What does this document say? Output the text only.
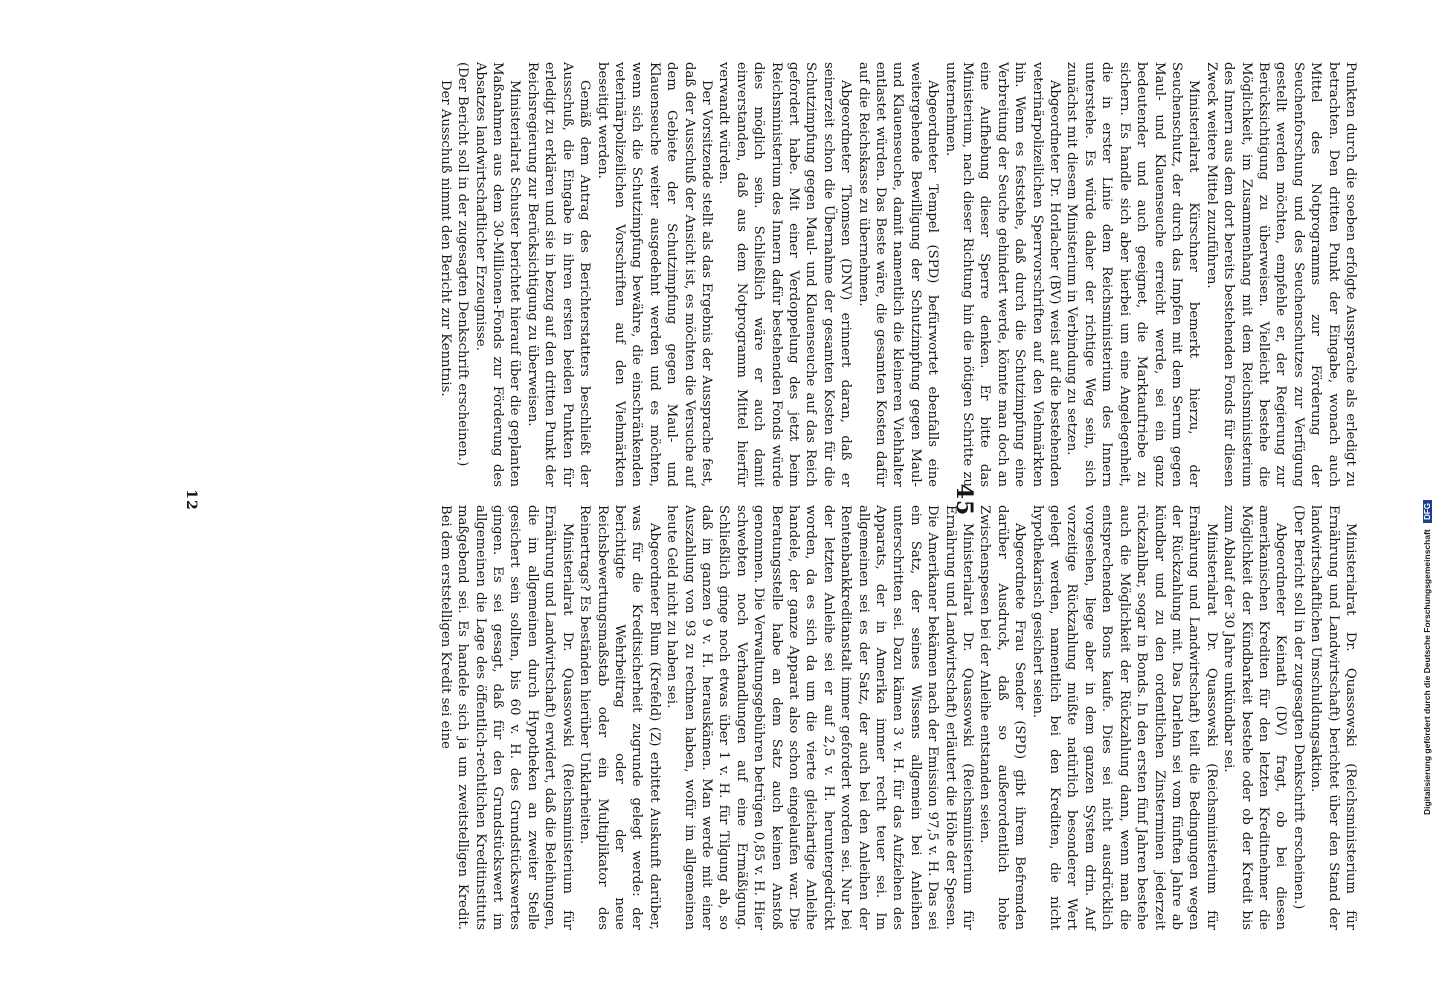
45

Punkten durch die soeben erfolgte Aussprache als erledigt zu betrachten. Den dritten Punkt der Eingabe, wonach auch Mittel des Notprogramms zur Förderung der Seuchenforschung und des Seuchenschutzes zur Verfügung gestellt werden möchten, empfehle er, der Regierung zur Berücksichtigung zu überweisen. Vielleicht bestehe die Möglichkeit, im Zusammenhang mit dem Reichsministerium des Innern aus dem dort bereits bestehenden Fonds für diesen Zweck weitere Mittel zuzuführen.

Ministerialrat Kürschner bemerkt hierzu, der Seuchenschutz, der durch das Impfen mit dem Serum gegen Maul- und Klauenseuche erreicht werde, sei ein ganz bedeutender und auch geeignet, die Marktauftriebe zu sichern. Es handle sich aber hierbei um eine Angelegenheit, die in erster Linie dem Reichsministerium des Innern unterstehe. Es würde daher der richtige Weg sein, sich zunächst mit diesem Ministerium in Verbindung zu setzen.

Abgeordneter Dr. Horlacher (BV) weist auf die bestehenden veterinärpolizeilichen Sperrvorschriften auf den Viehmärkten hin. Wenn es feststehe, daß durch die Schutzimpfung eine Verbreitung der Seuche gehindert werde, könnte man doch an eine Aufhebung dieser Sperre denken. Er bitte das Ministerium, nach dieser Richtung hin die nötigen Schritte zu unternehmen.

Abgeordneter Tempel (SPD) befürwortet ebenfalls eine weitergehende Bewilligung der Schutzimpfung gegen Maul- und Klauenseuche, damit namentlich die kleineren Viehhalter entlastet würden. Das Beste wäre, die gesamten Kosten dafür auf die Reichskasse zu übernehmen.

Abgeordneter Thomsen (DNV) erinnert daran, daß er seinerzeit schon die Übernahme der gesamten Kosten für die Schutzimpfung gegen Maul- und Klauenseuche auf das Reich gefordert habe. Mit einer Verdoppelung des jetzt beim Reichsministerium des Innern dafür bestehenden Fonds würde dies möglich sein. Schließlich wäre er auch damit einverstanden, daß aus dem Notprogramm Mittel hierfür verwandt würden.

Der Vorsitzende stellt als das Ergebnis der Aussprache fest, daß der Ausschuß der Ansicht ist, es möchten die Versuche auf dem Gebiete der Schutzimpfung gegen Maul- und Klauenseuche weiter ausgedehnt werden und es möchten, wenn sich die Schutzimpfung bewähre, die einschränkenden veterinärpolizeilichen Vorschriften auf den Viehmärkten beseitigt werden.

Gemäß dem Antrag des Berichterstatters beschließt der Ausschuß, die Eingabe in ihren ersten beiden Punkten für erledigt zu erklären und sie in bezug auf den dritten Punkt der Reichsregierung zur Berücksichtigung zu überweisen.

Ministerialrat Schuster berichtet hierauf über die geplanten Maßnahmen aus dem 30-Millionen-Fonds zur Förderung des Absatzes landwirtschaftlicher Erzeugnisse.

(Der Bericht soll in der zugesagten Denkschrift erscheinen.)

Der Ausschuß nimmt den Bericht zur Kenntnis.

Ministerialrat Dr. Quassowski (Reichsministerium für Ernährung und Landwirtschaft) berichtet über den Stand der landwirtschaftlichen Umschuldungsaktion.

(Der Bericht soll in der zugesagten Denkschrift erscheinen.)

Abgeordneter Keinath (DV) fragt, ob bei diesen amerikanischen Krediten für den letzten Kreditnehmer die Möglichkeit der Kündbarkeit bestehe oder ob der Kredit bis zum Ablauf der 30 Jahre unkündbar sei.

Ministerialrat Dr. Quassowski (Reichsministerium für Ernährung und Landwirtschaft) teilt die Bedingungen wegen der Rückzahlung mit. Das Darlehn sei vom fünften Jahre ab kündbar und zu den ordentlichen Zinsterminen jederzeit rückzahlbar, sogar in Bonds. In den ersten fünf Jahren bestehe auch die Möglichkeit der Rückzahlung dann, wenn man die entsprechenden Bons kaufe. Dies sei nicht ausdrücklich vorgesehen, liege aber in dem ganzen System drin. Auf vorzeitige Rückzahlung müßte natürlich besonderer Wert gelegt werden, namentlich bei den Krediten, die nicht hypothekarisch gesichert seien.

Abgeordnete Frau Sender (SPD) gibt ihrem Befremden darüber Ausdruck, daß so außerordentlich hohe Zwischenspesen bei der Anleihe entstanden seien.

Ministerialrat Dr. Quassowski (Reichsministerium für Ernährung und Landwirtschaft) erläutert die Höhe der Spesen. Die Amerikaner bekämen nach der Emission 97,5 v. H. Das sei ein Satz, der seines Wissens allgemein bei Anleihen unterschritten sei. Dazu kämen 3 v. H. für das Aufziehen des Apparats, der in Amerika immer recht teuer sei. Im allgemeinen sei es der Satz, der auch bei den Anleihen der Rentenbankkreditanstalt immer gefordert worden sei. Nur bei der letzten Anleihe sei er auf 2,5 v. H. heruntergedrückt worden, da es sich da um die vierte gleichartige Anleihe handele, der ganze Apparat also schon eingelaufen war. Die Beratungsstelle habe an dem Satz auch keinen Anstoß genommen. Die Verwaltungsgebühren betrügen 0,85 v. H. Hier schwebten noch Verhandlungen auf eine Ermäßigung. Schließlich ginge noch etwas über 1 v. H. für Tilgung ab, so daß im ganzen 9 v. H. herauskämen. Man werde mit einer Auszahlung von 93 zu rechnen haben, wofür im allgemeinen heute Geld nicht zu haben sei.

Abgeordneter Blum (Krefeld) (Z) erbittet Auskunft darüber, was für die Kreditsicherheit zugrunde gelegt werde: der berichtigte Wehrbeitrag oder der neue Reichsbewertungsmaßstab oder ein Multiplikator des Reinertrags? Es beständen hierüber Unklarheiten.

Ministerialrat Dr. Quassowski (Reichsministerium für Ernährung und Landwirtschaft) erwidert, daß die Beleihungen, die im allgemeinen durch Hypotheken an zweiter Stelle gesichert sein sollten, bis 60 v. H. des Grundstückswertes gingen. Es sei gesagt, daß für den Grundstückswert im allgemeinen die Lage des öffentlich-rechtlichen Kreditinstituts maßgebend sei. Es handele sich ja um zweitstelligen Kredit. Bei dem erststelligen Kredit sei eine

12
Digitalisierung gefördert durch die Deutsche Forschungsgemeinschaft DFG
